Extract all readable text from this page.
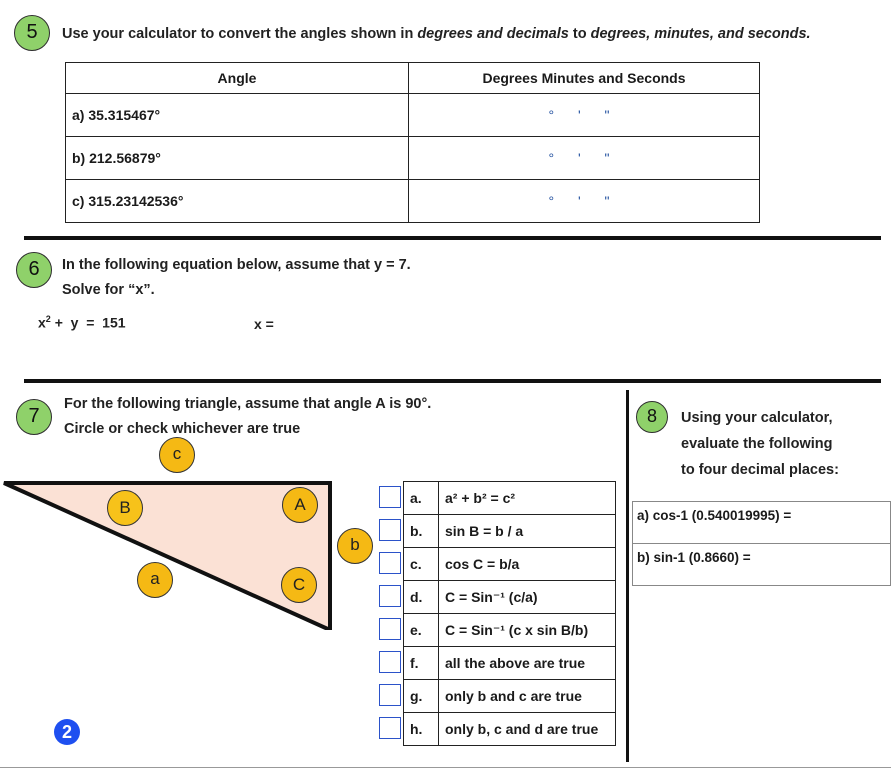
5	Use your calculator to convert the angles shown in degrees and decimals to degrees, minutes, and seconds.
Angle	Degrees Minutes and Seconds
a) 35.315467°	° ' "
b) 212.56879°	° ' "
c) 315.23142536°	° ' "
6	In the following equation below, assume that y = 7.
Solve for “x”.
$x^2 + y = 151$	x =
7
For the following triangle, assume that angle A is 90°.
Circle or check whichever are true
c
B	A
b
a	C
a.	a² + b² = c²
b.	sin B = b / a
c.	cos C = b/a
d.	C = Sin⁻¹ (c/a)
e.	C = Sin⁻¹ (c x sin B/b)
f.	all the above are true
g.	only b and c are true
h.	only b, c and d are true
8	Using your calculator,
evaluate the following
to four decimal places:
a) cos-1 (0.540019995) =
b) sin-1 (0.8660) =
2
